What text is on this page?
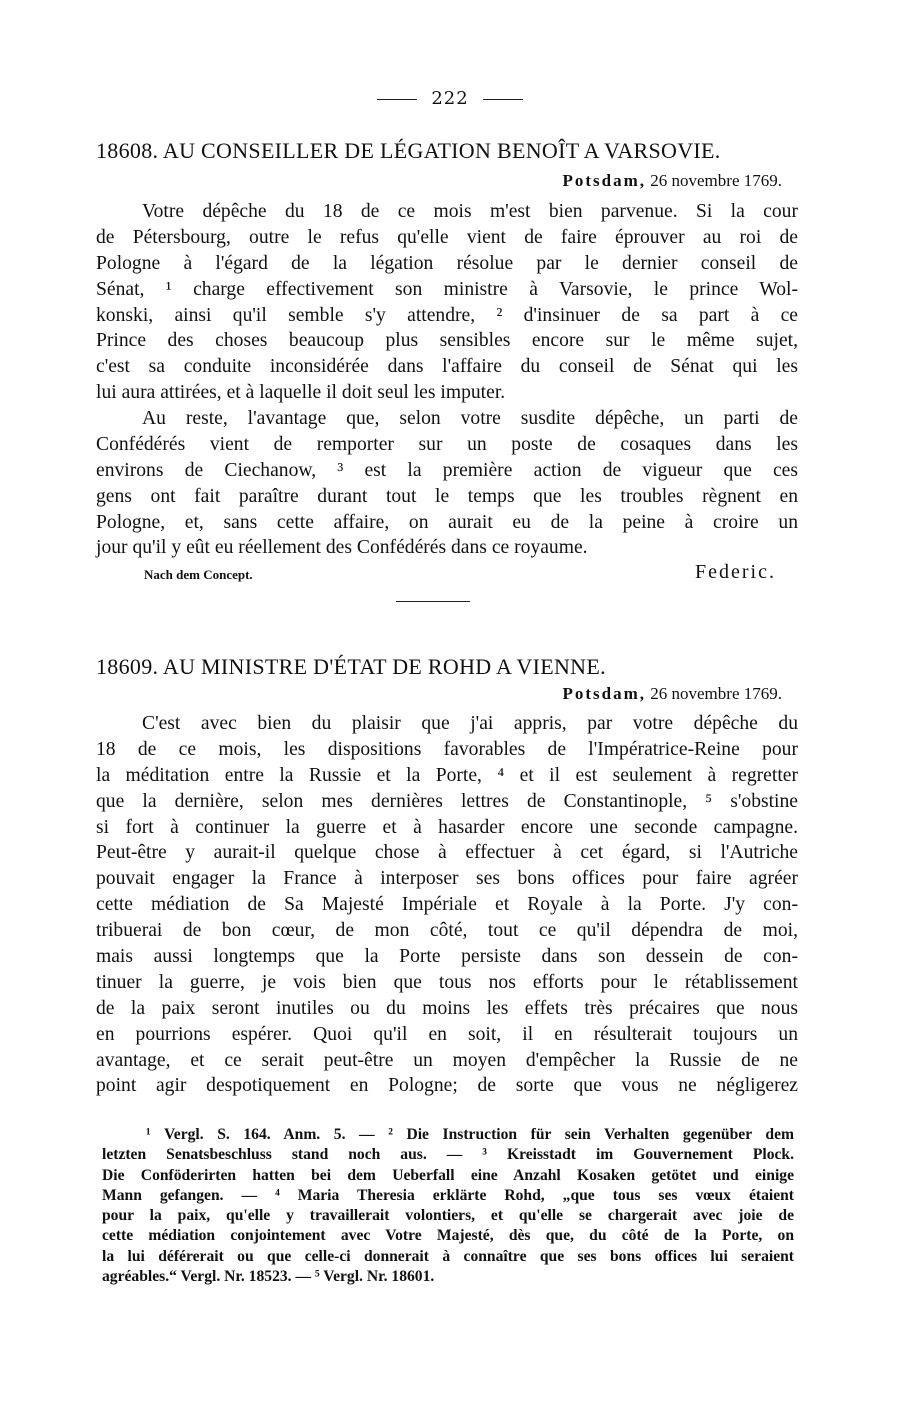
222
18608. AU CONSEILLER DE LÉGATION BENOÎT A VARSOVIE.
Potsdam, 26 novembre 1769.
Votre dépêche du 18 de ce mois m'est bien parvenue. Si la cour
de Pétersbourg, outre le refus qu'elle vient de faire éprouver au roi de
Pologne à l'égard de la légation résolue par le dernier conseil de
Sénat, ¹ charge effectivement son ministre à Varsovie, le prince Wol-
konski, ainsi qu'il semble s'y attendre, ² d'insinuer de sa part à ce
Prince des choses beaucoup plus sensibles encore sur le même sujet,
c'est sa conduite inconsidérée dans l'affaire du conseil de Sénat qui les
lui aura attirées, et à laquelle il doit seul les imputer.
Au reste, l'avantage que, selon votre susdite dépêche, un parti de
Confédérés vient de remporter sur un poste de cosaques dans les
environs de Ciechanow, ³ est la première action de vigueur que ces
gens ont fait paraître durant tout le temps que les troubles règnent en
Pologne, et, sans cette affaire, on aurait eu de la peine à croire un
jour qu'il y eût eu réellement des Confédérés dans ce royaume.
Nach dem Concept.	Federic.
18609. AU MINISTRE D'ÉTAT DE ROHD A VIENNE.
Potsdam, 26 novembre 1769.
C'est avec bien du plaisir que j'ai appris, par votre dépêche du
18 de ce mois, les dispositions favorables de l'Impératrice-Reine pour
la méditation entre la Russie et la Porte, ⁴ et il est seulement à regretter
que la dernière, selon mes dernières lettres de Constantinople, ⁵ s'obstine
si fort à continuer la guerre et à hasarder encore une seconde campagne.
Peut-être y aurait-il quelque chose à effectuer à cet égard, si l'Autriche
pouvait engager la France à interposer ses bons offices pour faire agréer
cette médiation de Sa Majesté Impériale et Royale à la Porte. J'y con-
tribuerai de bon cœur, de mon côté, tout ce qu'il dépendra de moi,
mais aussi longtemps que la Porte persiste dans son dessein de con-
tinuer la guerre, je vois bien que tous nos efforts pour le rétablissement
de la paix seront inutiles ou du moins les effets très précaires que nous
en pourrions espérer. Quoi qu'il en soit, il en résulterait toujours un
avantage, et ce serait peut-être un moyen d'empêcher la Russie de ne
point agir despotiquement en Pologne; de sorte que vous ne négligerez
¹ Vergl. S. 164. Anm. 5. — ² Die Instruction für sein Verhalten gegenüber dem
letzten Senatsbeschluss stand noch aus. — ³ Kreisstadt im Gouvernement Plock.
Die Conföderirten hatten bei dem Ueberfall eine Anzahl Kosaken getötet und einige
Mann gefangen. — ⁴ Maria Theresia erklärte Rohd, „que tous ses vœux étaient
pour la paix, qu'elle y travaillerait volontiers, et qu'elle se chargerait avec joie de
cette médiation conjointement avec Votre Majesté, dès que, du côté de la Porte, on
la lui déférerait ou que celle-ci donnerait à connaître que ses bons offices lui seraient
agréables.“ Vergl. Nr. 18523. — ⁵ Vergl. Nr. 18601.
